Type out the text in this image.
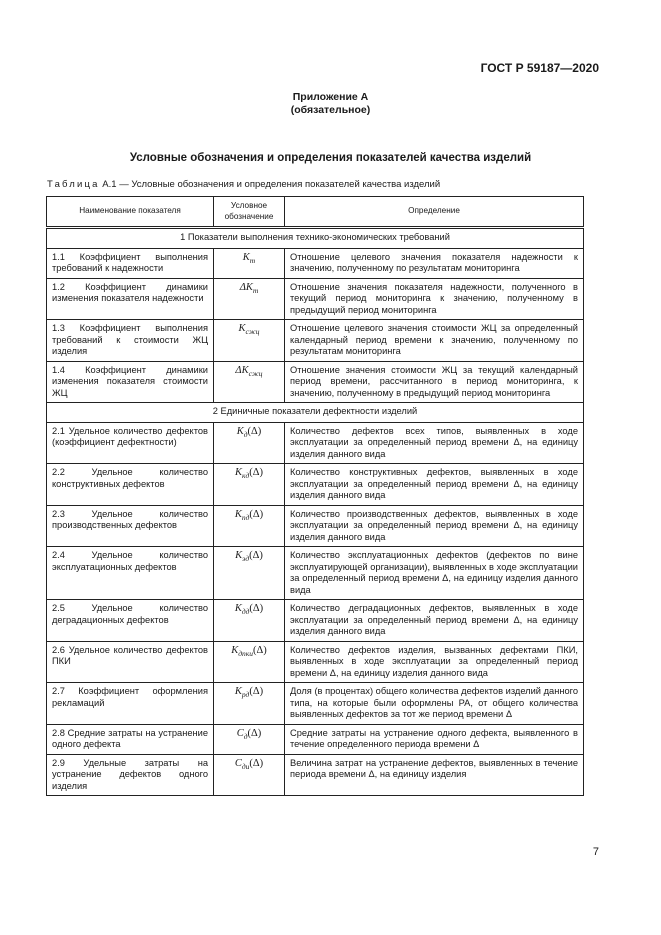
ГОСТ Р 59187—2020
Приложение А
(обязательное)
Условные обозначения и определения показателей качества изделий
Таблица А.1 — Условные обозначения и определения показателей качества изделий
Наименование показателя	Условное обозначение	Определение
1 Показатели выполнения технико-экономических требований		
1.1 Коэффициент выполнения требований к надежности	$K_т$	Отношение целевого значения показателя надежности к значению, полученному по результатам мониторинга
1.2 Коэффициент динамики изменения показателя надежности	$\Delta K_т$	Отношение значения показателя надежности, полученного в текущий период мониторинга к значению, полученному в предыдущий период мониторинга
1.3 Коэффициент выполнения требований к стоимости ЖЦ изделия	$K_{сжц}$	Отношение целевого значения стоимости ЖЦ за определенный календарный период времени к значению, полученному по результатам мониторинга
1.4 Коэффициент динамики изменения показателя стоимости ЖЦ	$\Delta K_{сжц}$	Отношение значения стоимости ЖЦ за текущий календарный период времени, рассчитанного в период мониторинга, к значению, полученному в предыдущий период мониторинга
2 Единичные показатели дефектности изделий		
2.1 Удельное количество дефектов (коэффициент дефектности)	$K_д(\Delta)$	Количество дефектов всех типов, выявленных в ходе эксплуатации за определенный период времени Δ, на единицу изделия данного вида
2.2 Удельное количество конструктивных дефектов	$K_{кд}(\Delta)$	Количество конструктивных дефектов, выявленных в ходе эксплуатации за определенный период времени Δ, на единицу изделия данного вида
2.3 Удельное количество производственных дефектов	$K_{пд}(\Delta)$	Количество производственных дефектов, выявленных в ходе эксплуатации за определенный период времени Δ, на единицу изделия данного вида
2.4 Удельное количество эксплуатационных дефектов	$K_{эд}(\Delta)$	Количество эксплуатационных дефектов (дефектов по вине эксплуатирующей организации), выявленных в ходе эксплуатации за определенный период времени Δ, на единицу изделия данного вида
2.5 Удельное количество деградационных дефектов	$K_{дд}(\Delta)$	Количество деградационных дефектов, выявленных в ходе эксплуатации за определенный период времени Δ, на единицу изделия данного вида
2.6 Удельное количество дефектов ПКИ	$K_{дпки}(\Delta)$	Количество дефектов изделия, вызванных дефектами ПКИ, выявленных в ходе эксплуатации за определенный период времени Δ, на единицу изделия данного вида
2.7 Коэффициент оформления рекламаций	$K_{рд}(\Delta)$	Доля (в процентах) общего количества дефектов изделий данного типа, на которые были оформлены РА, от общего количества выявленных дефектов за тот же период времени Δ
2.8 Средние затраты на устранение одного дефекта	$C_д(\Delta)$	Средние затраты на устранение одного дефекта, выявленного в течение определенного периода времени Δ
2.9 Удельные затраты на устранение дефектов одного изделия	$C_{ди}(\Delta)$	Величина затрат на устранение дефектов, выявленных в течение периода времени Δ, на единицу изделия
7
